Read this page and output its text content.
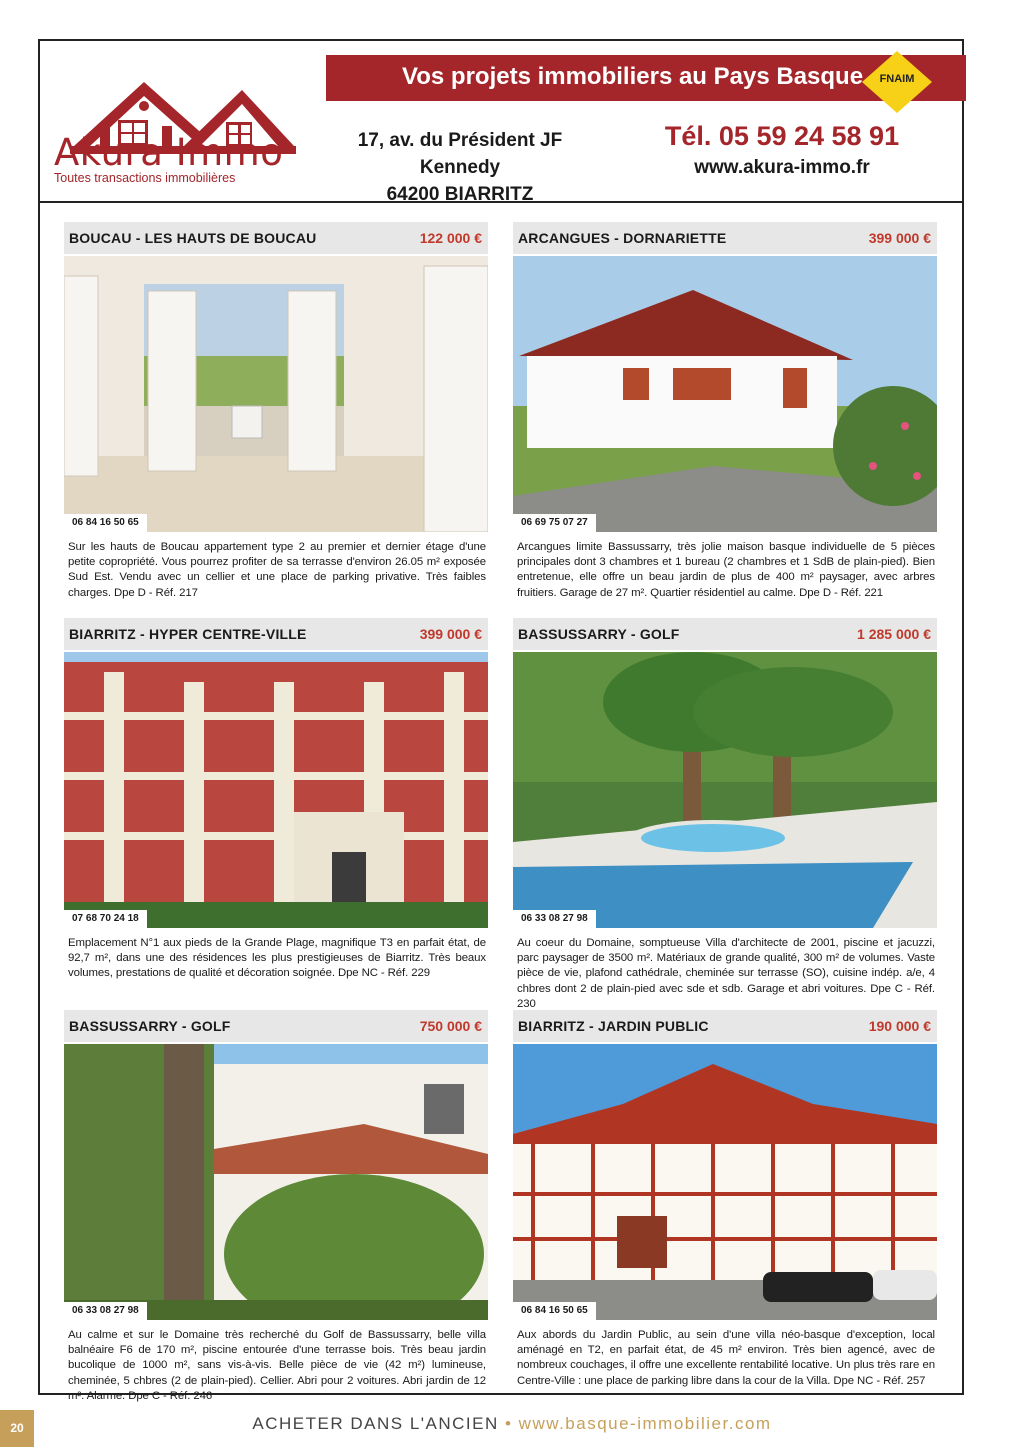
Akura Immo
Toutes transactions immobilières
Vos projets immobiliers au Pays Basque	FNAIM
17, av. du Président JF Kennedy
64200 BIARRITZ
Tél. 05 59 24 58 91
www.akura-immo.fr
BOUCAU - LES HAUTS DE BOUCAU	122 000 €
06 84 16 50 65
Sur les hauts de Boucau appartement type 2 au premier et dernier étage d'une petite copropriété. Vous pourrez profiter de sa terrasse d'environ 26.05 m² exposée Sud Est. Vendu avec un cellier et une place de parking privative. Très faibles charges. Dpe D - Réf. 217
ARCANGUES - DORNARIETTE	399 000 €
06 69 75 07 27
Arcangues limite Bassussarry, très jolie maison basque individuelle de 5 pièces principales dont 3 chambres et 1 bureau (2 chambres et 1 SdB de plain-pied). Bien entretenue, elle offre un beau jardin de plus de 400 m² paysager, avec arbres fruitiers. Garage de 27 m². Quartier résidentiel au calme. Dpe D - Réf. 221
BIARRITZ - HYPER CENTRE-VILLE	399 000 €
07 68 70 24 18
Emplacement N°1 aux pieds de la Grande Plage, magnifique T3 en parfait état, de 92,7 m², dans une des résidences les plus prestigieuses de Biarritz. Très beaux volumes, prestations de qualité et décoration soignée. Dpe NC - Réf. 229
BASSUSSARRY - GOLF	1 285 000 €
06 33 08 27 98
Au coeur du Domaine, somptueuse Villa d'architecte de 2001, piscine et jacuzzi, parc paysager de 3500 m². Matériaux de grande qualité, 300 m² de volumes. Vaste pièce de vie, plafond cathédrale, cheminée sur terrasse (SO), cuisine indép. a/e, 4 chbres dont 2 de plain-pied avec sde et sdb. Garage et abri voitures. Dpe C - Réf. 230
BASSUSSARRY - GOLF	750 000 €
06 33 08 27 98
Au calme et sur le Domaine très recherché du Golf de Bassussarry, belle villa balnéaire F6 de 170 m², piscine entourée d'une terrasse bois. Très beau jardin bucolique de 1000 m², sans vis-à-vis. Belle pièce de vie (42 m²) lumineuse, cheminée, 5 chbres (2 de plain-pied). Cellier. Abri pour 2 voitures. Abri jardin de 12 m². Alarme. Dpe C - Réf. 246
BIARRITZ - JARDIN PUBLIC	190 000 €
06 84 16 50 65
Aux abords du Jardin Public, au sein d'une villa néo-basque d'exception, local aménagé en T2, en parfait état, de 45 m² environ. Très bien agencé, avec de nombreux couchages, il offre une excellente rentabilité locative. Un plus très rare en Centre-Ville : une place de parking libre dans la cour de la Villa. Dpe NC - Réf. 257
20	ACHETER DANS L'ANCIEN • www.basque-immobilier.com
